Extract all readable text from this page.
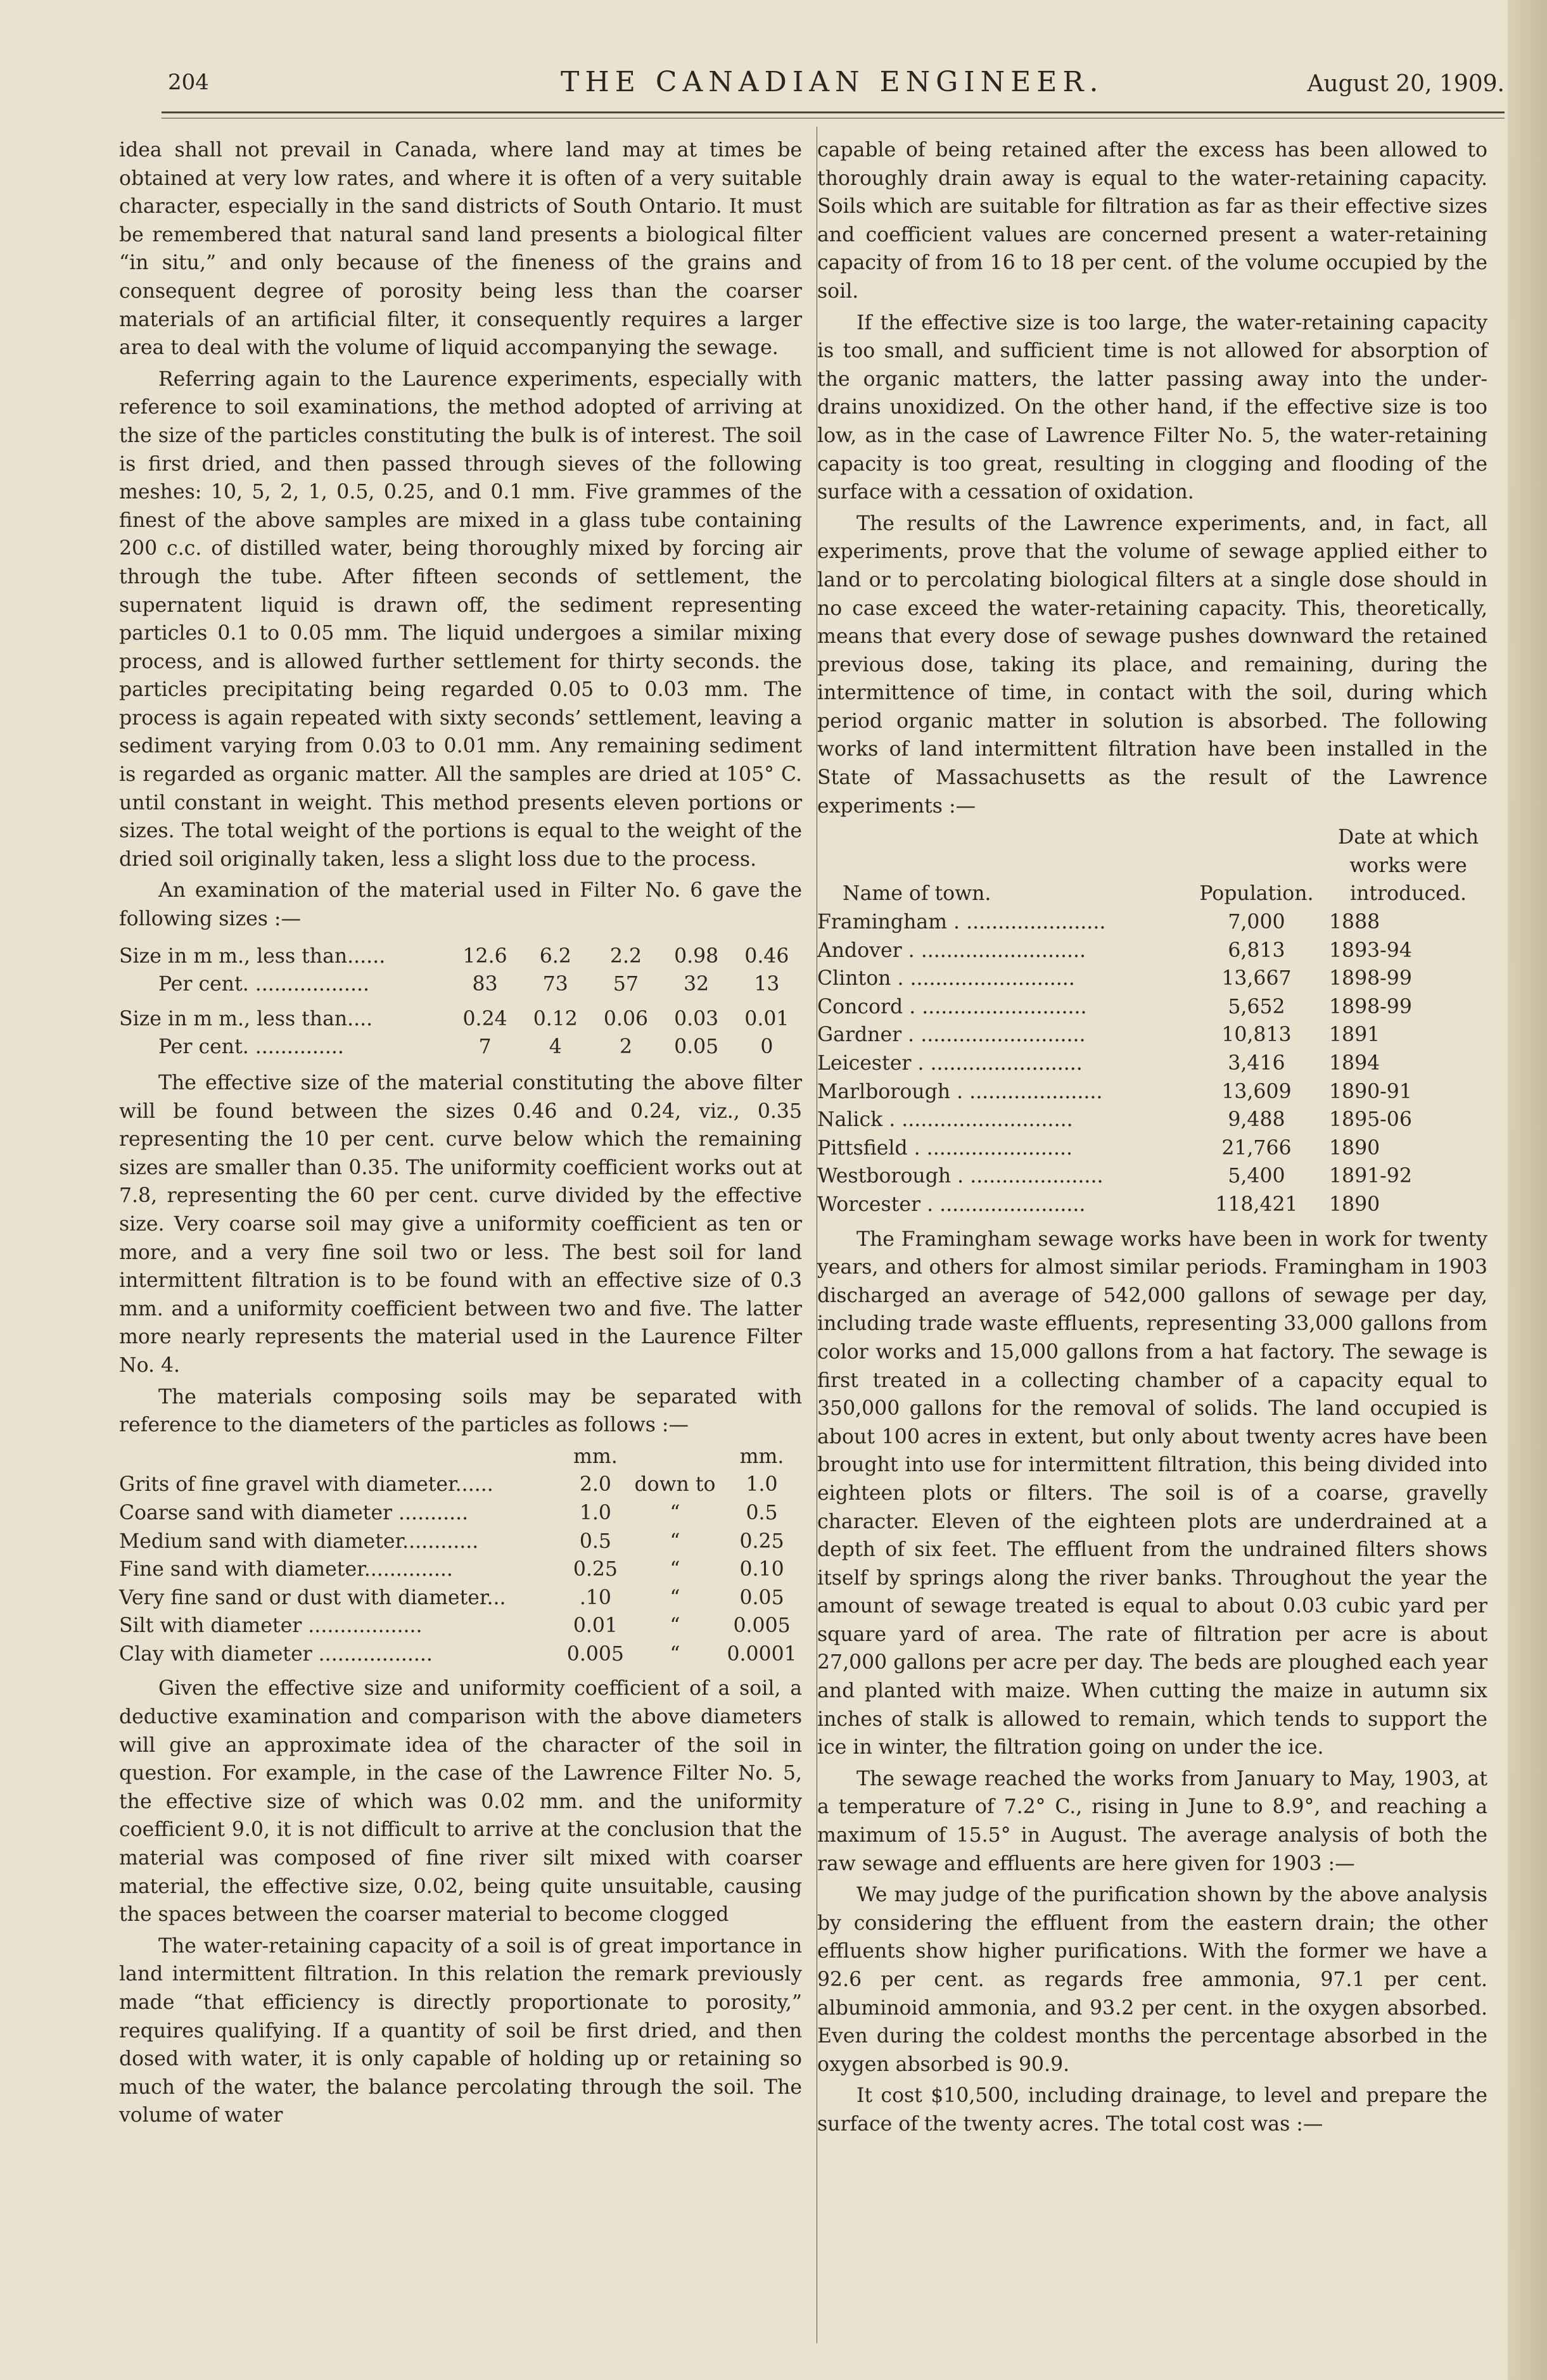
204	THE CANADIAN ENGINEER.	August 20, 1909.

idea shall not prevail in Canada, where land may at times be obtained at very low rates, and where it is often of a very suitable character, especially in the sand districts of South Ontario. It must be remembered that natural sand land presents a biological filter “in situ,” and only because of the fineness of the grains and consequent degree of porosity being less than the coarser materials of an artificial filter, it consequently requires a larger area to deal with the volume of liquid accompanying the sewage.

Referring again to the Laurence experiments, especially with reference to soil examinations, the method adopted of arriving at the size of the particles constituting the bulk is of interest. The soil is first dried, and then passed through sieves of the following meshes: 10, 5, 2, 1, 0.5, 0.25, and 0.1 mm. Five grammes of the finest of the above samples are mixed in a glass tube containing 200 c.c. of distilled water, being thoroughly mixed by forcing air through the tube. After fifteen seconds of settlement, the supernatent liquid is drawn off, the sediment representing particles 0.1 to 0.05 mm. The liquid undergoes a similar mixing process, and is allowed further settlement for thirty seconds. the particles precipitating being regarded 0.05 to 0.03 mm. The process is again repeated with sixty seconds’ settlement, leaving a sediment varying from 0.03 to 0.01 mm. Any remaining sediment is regarded as organic matter. All the samples are dried at 105° C. until constant in weight. This method presents eleven portions or sizes. The total weight of the portions is equal to the weight of the dried soil originally taken, less a slight loss due to the process.

An examination of the material used in Filter No. 6 gave the following sizes :—

Size in m m., less than......	12.6	6.2	2.2	0.98	0.46
Per cent. ..................	83	73	57	32	13

Size in m m., less than....	0.24	0.12	0.06	0.03	0.01
Per cent. ..............	7	4	2	0.05	0

The effective size of the material constituting the above filter will be found between the sizes 0.46 and 0.24, viz., 0.35 representing the 10 per cent. curve below which the remaining sizes are smaller than 0.35. The uniformity coefficient works out at 7.8, representing the 60 per cent. curve divided by the effective size. Very coarse soil may give a uniformity coefficient as ten or more, and a very fine soil two or less. The best soil for land intermittent filtration is to be found with an effective size of 0.3 mm. and a uniformity coefficient between two and five. The latter more nearly represents the material used in the Laurence Filter No. 4.

The materials composing soils may be separated with reference to the diameters of the particles as follows :—

	mm.		mm.
Grits of fine gravel with diameter......	2.0	down to	1.0
Coarse sand with diameter ...........	1.0	“	0.5
Medium sand with diameter............	0.5	“	0.25
Fine sand with diameter..............	0.25	“	0.10
Very fine sand or dust with diameter...	.10	“	0.05
Silt with diameter ..................	0.01	“	0.005
Clay with diameter ..................	0.005	“	0.0001

Given the effective size and uniformity coefficient of a soil, a deductive examination and comparison with the above diameters will give an approximate idea of the character of the soil in question. For example, in the case of the Lawrence Filter No. 5, the effective size of which was 0.02 mm. and the uniformity coefficient 9.0, it is not difficult to arrive at the conclusion that the material was composed of fine river silt mixed with coarser material, the effective size, 0.02, being quite unsuitable, causing the spaces between the coarser material to become clogged

The water-retaining capacity of a soil is of great importance in land intermittent filtration. In this relation the remark previously made “that efficiency is directly proportionate to porosity,” requires qualifying. If a quantity of soil be first dried, and then dosed with water, it is only capable of holding up or retaining so much of the water, the balance percolating through the soil. The volume of water

capable of being retained after the excess has been allowed to thoroughly drain away is equal to the water-retaining capacity. Soils which are suitable for filtration as far as their effective sizes and coefficient values are concerned present a water-retaining capacity of from 16 to 18 per cent. of the volume occupied by the soil.

If the effective size is too large, the water-retaining capacity is too small, and sufficient time is not allowed for absorption of the organic matters, the latter passing away into the under-drains unoxidized. On the other hand, if the effective size is too low, as in the case of Lawrence Filter No. 5, the water-retaining capacity is too great, resulting in clogging and flooding of the surface with a cessation of oxidation.

The results of the Lawrence experiments, and, in fact, all experiments, prove that the volume of sewage applied either to land or to percolating biological filters at a single dose should in no case exceed the water-retaining capacity. This, theoretically, means that every dose of sewage pushes downward the retained previous dose, taking its place, and remaining, during the intermittence of time, in contact with the soil, during which period organic matter in solution is absorbed. The following works of land intermittent filtration have been installed in the State of Massachusetts as the result of the Lawrence experiments :—

Name of town.	Population.	Date at which works were introduced.
Framingham . ......................	7,000	1888
Andover . ..........................	6,813	1893-94
Clinton . ..........................	13,667	1898-99
Concord . ..........................	5,652	1898-99
Gardner . ..........................	10,813	1891
Leicester . ........................	3,416	1894
Marlborough . .....................	13,609	1890-91
Nalick . ...........................	9,488	1895-06
Pittsfield . .......................	21,766	1890
Westborough . .....................	5,400	1891-92
Worcester . .......................	118,421	1890

The Framingham sewage works have been in work for twenty years, and others for almost similar periods. Framingham in 1903 discharged an average of 542,000 gallons of sewage per day, including trade waste effluents, representing 33,000 gallons from color works and 15,000 gallons from a hat factory. The sewage is first treated in a collecting chamber of a capacity equal to 350,000 gallons for the removal of solids. The land occupied is about 100 acres in extent, but only about twenty acres have been brought into use for intermittent filtration, this being divided into eighteen plots or filters. The soil is of a coarse, gravelly character. Eleven of the eighteen plots are underdrained at a depth of six feet. The effluent from the undrained filters shows itself by springs along the river banks. Throughout the year the amount of sewage treated is equal to about 0.03 cubic yard per square yard of area. The rate of filtration per acre is about 27,000 gallons per acre per day. The beds are ploughed each year and planted with maize. When cutting the maize in autumn six inches of stalk is allowed to remain, which tends to support the ice in winter, the filtration going on under the ice.

The sewage reached the works from January to May, 1903, at a temperature of 7.2° C., rising in June to 8.9°, and reaching a maximum of 15.5° in August. The average analysis of both the raw sewage and effluents are here given for 1903 :—

We may judge of the purification shown by the above analysis by considering the effluent from the eastern drain; the other effluents show higher purifications. With the former we have a 92.6 per cent. as regards free ammonia, 97.1 per cent. albuminoid ammonia, and 93.2 per cent. in the oxygen absorbed. Even during the coldest months the percentage absorbed in the oxygen absorbed is 90.9.

It cost $10,500, including drainage, to level and prepare the surface of the twenty acres. The total cost was :—
